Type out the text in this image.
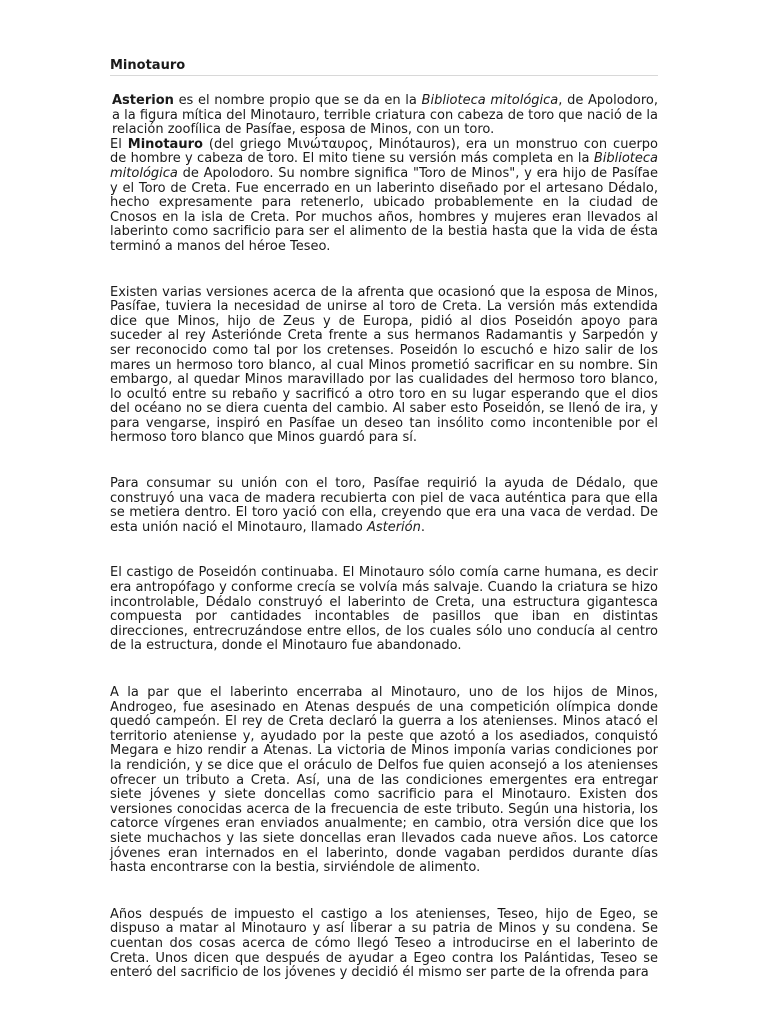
Minotauro

Asterion es el nombre propio que se da en la Biblioteca mitológica, de Apolodoro, a la figura mítica del Minotauro, terrible criatura con cabeza de toro que nació de la relación zoofílica de Pasífae, esposa de Minos, con un toro.

El Minotauro (del griego Μινώταυρος, Minótauros), era un monstruo con cuerpo de hombre y cabeza de toro. El mito tiene su versión más completa en la Biblioteca mitológica de Apolodoro. Su nombre significa "Toro de Minos", y era hijo de Pasífae y el Toro de Creta. Fue encerrado en un laberinto diseñado por el artesano Dédalo, hecho expresamente para retenerlo, ubicado probablemente en la ciudad de Cnosos en la isla de Creta. Por muchos años, hombres y mujeres eran llevados al laberinto como sacrificio para ser el alimento de la bestia hasta que la vida de ésta terminó a manos del héroe Teseo.

Existen varias versiones acerca de la afrenta que ocasionó que la esposa de Minos, Pasífae, tuviera la necesidad de unirse al toro de Creta. La versión más extendida dice que Minos, hijo de Zeus y de Europa, pidió al dios Poseidón apoyo para suceder al rey Asteriónde Creta frente a sus hermanos Radamantis y Sarpedón y ser reconocido como tal por los cretenses. Poseidón lo escuchó e hizo salir de los mares un hermoso toro blanco, al cual Minos prometió sacrificar en su nombre. Sin embargo, al quedar Minos maravillado por las cualidades del hermoso toro blanco, lo ocultó entre su rebaño y sacrificó a otro toro en su lugar esperando que el dios del océano no se diera cuenta del cambio. Al saber esto Poseidón, se llenó de ira, y para vengarse, inspiró en Pasífae un deseo tan insólito como incontenible por el hermoso toro blanco que Minos guardó para sí.

Para consumar su unión con el toro, Pasífae requirió la ayuda de Dédalo, que construyó una vaca de madera recubierta con piel de vaca auténtica para que ella se metiera dentro. El toro yació con ella, creyendo que era una vaca de verdad. De esta unión nació el Minotauro, llamado Asterión.

El castigo de Poseidón continuaba. El Minotauro sólo comía carne humana, es decir era antropófago y conforme crecía se volvía más salvaje. Cuando la criatura se hizo incontrolable, Dédalo construyó el laberinto de Creta, una estructura gigantesca compuesta por cantidades incontables de pasillos que iban en distintas direcciones, entrecruzándose entre ellos, de los cuales sólo uno conducía al centro de la estructura, donde el Minotauro fue abandonado.

A la par que el laberinto encerraba al Minotauro, uno de los hijos de Minos, Androgeo, fue asesinado en Atenas después de una competición olímpica donde quedó campeón. El rey de Creta declaró la guerra a los atenienses. Minos atacó el territorio ateniense y, ayudado por la peste que azotó a los asediados, conquistó Megara e hizo rendir a Atenas. La victoria de Minos imponía varias condiciones por la rendición, y se dice que el oráculo de Delfos fue quien aconsejó a los atenienses ofrecer un tributo a Creta. Así, una de las condiciones emergentes era entregar siete jóvenes y siete doncellas como sacrificio para el Minotauro. Existen dos versiones conocidas acerca de la frecuencia de este tributo. Según una historia, los catorce vírgenes eran enviados anualmente; en cambio, otra versión dice que los siete muchachos y las siete doncellas eran llevados cada nueve años. Los catorce jóvenes eran internados en el laberinto, donde vagaban perdidos durante días hasta encontrarse con la bestia, sirviéndole de alimento.

Años después de impuesto el castigo a los atenienses, Teseo, hijo de Egeo, se dispuso a matar al Minotauro y así liberar a su patria de Minos y su condena. Se cuentan dos cosas acerca de cómo llegó Teseo a introducirse en el laberinto de Creta. Unos dicen que después de ayudar a Egeo contra los Palántidas, Teseo se enteró del sacrificio de los jóvenes y decidió él mismo ser parte de la ofrenda para
